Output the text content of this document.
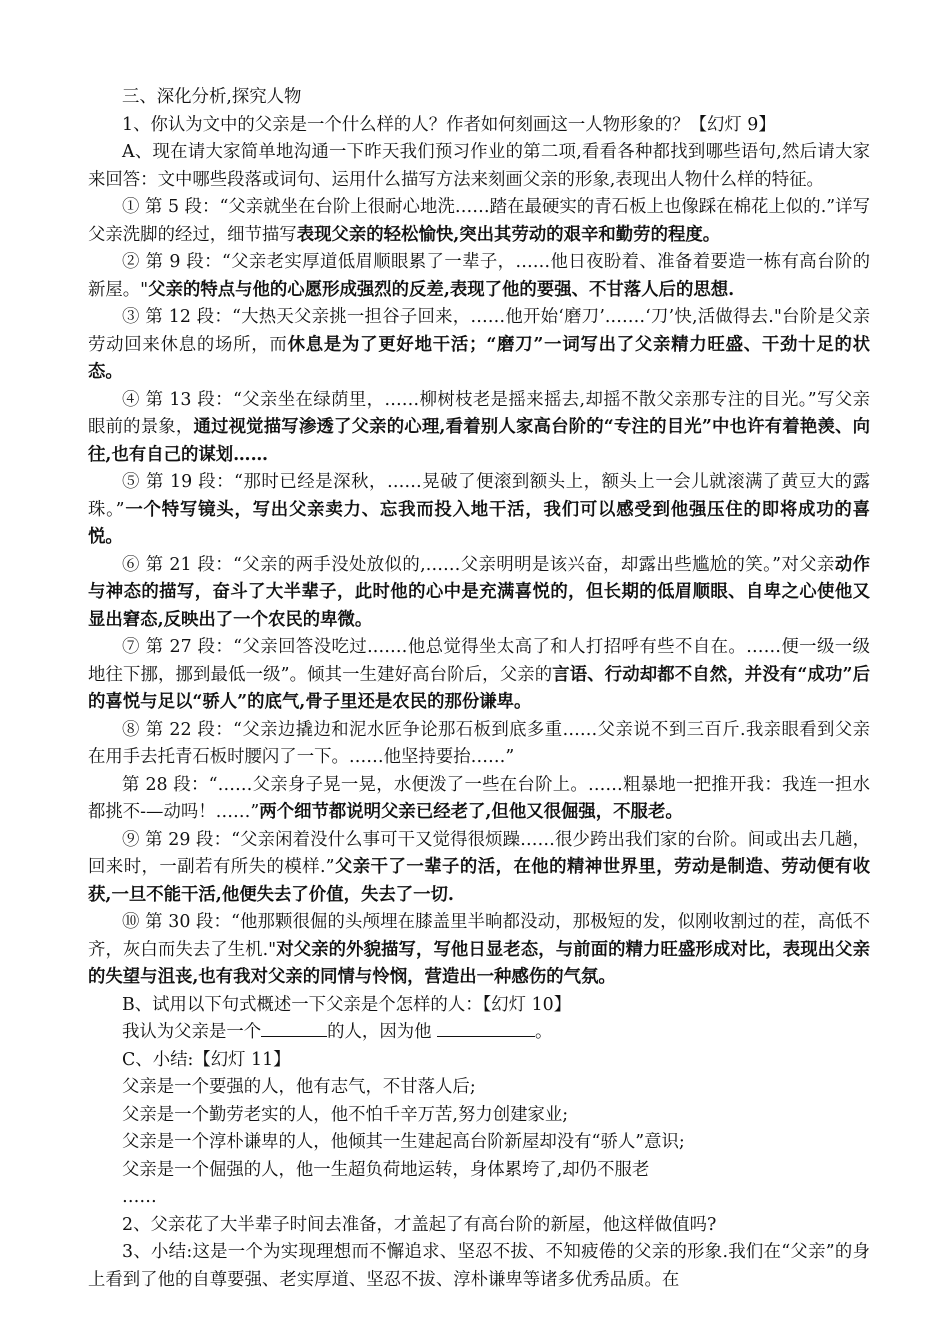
三、深化分析,探究人物

1、你认为文中的父亲是一个什么样的人？作者如何刻画这一人物形象的？【幻灯 9】

A、现在请大家简单地沟通一下昨天我们预习作业的第二项,看看各种都找到哪些语句,然后请大家来回答：文中哪些段落或词句、运用什么描写方法来刻画父亲的形象,表现出人物什么样的特征。

① 第 5 段：“父亲就坐在台阶上很耐心地洗……踏在最硬实的青石板上也像踩在棉花上似的.”详写父亲洗脚的经过，细节描写表现父亲的轻松愉快,突出其劳动的艰辛和勤劳的程度。

② 第 9 段：“父亲老实厚道低眉顺眼累了一辈子，……他日夜盼着、准备着要造一栋有高台阶的新屋。"父亲的特点与他的心愿形成强烈的反差,表现了他的要强、不甘落人后的思想.

③ 第 12 段：“大热天父亲挑一担谷子回来，……他开始‘磨刀’.……‘刀’快,活做得去."台阶是父亲劳动回来休息的场所，而休息是为了更好地干活；“磨刀”一词写出了父亲精力旺盛、干劲十足的状态。

④ 第 13 段：“父亲坐在绿荫里，……柳树枝老是摇来摇去,却摇不散父亲那专注的目光。”写父亲眼前的景象，通过视觉描写渗透了父亲的心理,看着别人家高台阶的“专注的目光”中也许有着艳羡、向往,也有自己的谋划……

⑤ 第 19 段：“那时已经是深秋，……晃破了便滚到额头上，额头上一会儿就滚满了黄豆大的露珠。”一个特写镜头，写出父亲卖力、忘我而投入地干活，我们可以感受到他强压住的即将成功的喜悦。

⑥ 第 21 段：“父亲的两手没处放似的,……父亲明明是该兴奋，却露出些尴尬的笑。”对父亲动作与神态的描写，奋斗了大半辈子，此时他的心中是充满喜悦的，但长期的低眉顺眼、自卑之心使他又显出窘态,反映出了一个农民的卑微。

⑦ 第 27 段：“父亲回答没吃过.……他总觉得坐太高了和人打招呼有些不自在。……便一级一级地往下挪，挪到最低一级”。倾其一生建好高台阶后，父亲的言语、行动却都不自然，并没有“成功”后的喜悦与足以“骄人”的底气,骨子里还是农民的那份谦卑。

⑧ 第 22 段：“父亲边撬边和泥水匠争论那石板到底多重……父亲说不到三百斤.我亲眼看到父亲在用手去托青石板时腰闪了一下。……他坚持要抬……”

第 28 段：“……父亲身子晃一晃，水便泼了一些在台阶上。……粗暴地一把推开我：我连一担水都挑不-—动吗！……”两个细节都说明父亲已经老了,但他又很倔强，不服老。

⑨ 第 29 段：“父亲闲着没什么事可干又觉得很烦躁……很少跨出我们家的台阶。间或出去几趟，回来时，一副若有所失的模样.”父亲干了一辈子的活，在他的精神世界里，劳动是制造、劳动便有收获,一旦不能干活,他便失去了价值，失去了一切.

⑩ 第 30 段：“他那颗很倔的头颅埋在膝盖里半晌都没动，那极短的发，似刚收割过的茬，高低不齐，灰白而失去了生机."对父亲的外貌描写，写他日显老态，与前面的精力旺盛形成对比，表现出父亲的失望与沮丧,也有我对父亲的同情与怜悯，营造出一种感伤的气氛。

B、试用以下句式概述一下父亲是个怎样的人：【幻灯 10】

我认为父亲是一个	的人，因为他	。

C、小结:【幻灯 11】

父亲是一个要强的人，他有志气，不甘落人后;

父亲是一个勤劳老实的人，他不怕千辛万苦,努力创建家业;

父亲是一个淳朴谦卑的人，他倾其一生建起高台阶新屋却没有“骄人”意识;

父亲是一个倔强的人，他一生超负荷地运转，身体累垮了,却仍不服老

……

2、父亲花了大半辈子时间去准备，才盖起了有高台阶的新屋，他这样做值吗?

3、小结:这是一个为实现理想而不懈追求、坚忍不拔、不知疲倦的父亲的形象.我们在“父亲”的身上看到了他的自尊要强、老实厚道、坚忍不拔、淳朴谦卑等诸多优秀品质。在
